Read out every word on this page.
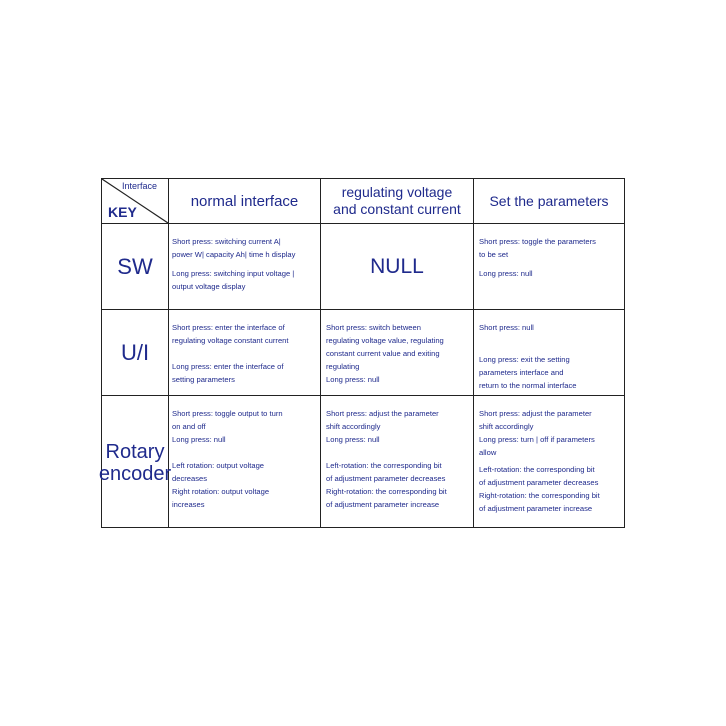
Interface
KEY
normal interface
regulating voltage
and constant current
Set the parameters
SW

Short press: switching current A|
power W| capacity Ah| time h display

Long press: switching input voltage |
output voltage display

NULL

Short press: toggle the parameters
to be set

Long press: null

U/I

Short press: enter the interface of
regulating voltage constant current

Long press: enter the interface of
setting parameters

Short press: switch between
regulating voltage value, regulating
constant current value and exiting
regulating

Long press: null

Short press: null

Long press: exit the setting
parameters interface and
return to the normal interface

Rotary
encoder

Short press: toggle output to turn
on and off

Long press: null

Left rotation: output voltage
decreases

Right rotation: output voltage
increases

Short press: adjust the parameter
shift accordingly

Long press: null

Left-rotation: the corresponding bit
of adjustment parameter decreases

Right-rotation: the corresponding bit
of adjustment parameter increase

Short press: adjust the parameter
shift accordingly

Long press: turn | off if parameters
allow

Left-rotation: the corresponding bit
of adjustment parameter decreases

Right-rotation: the corresponding bit
of adjustment parameter increase
